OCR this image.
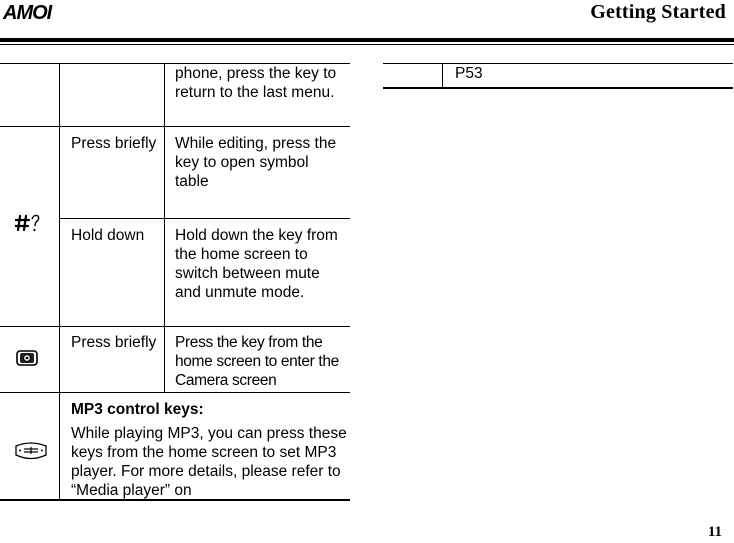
AMOI	Getting Started
phone, press the key to return to the last menu.
Press briefly	While editing, press the key to open symbol table
Hold down	Hold down the key from the home screen to switch between mute and unmute mode.
Press briefly	Press the key from the home screen to enter the Camera screen
MP3 control keys:
While playing MP3, you can press these keys from the home screen to set MP3 player. For more details, please refer to “Media player” on
P53
11
